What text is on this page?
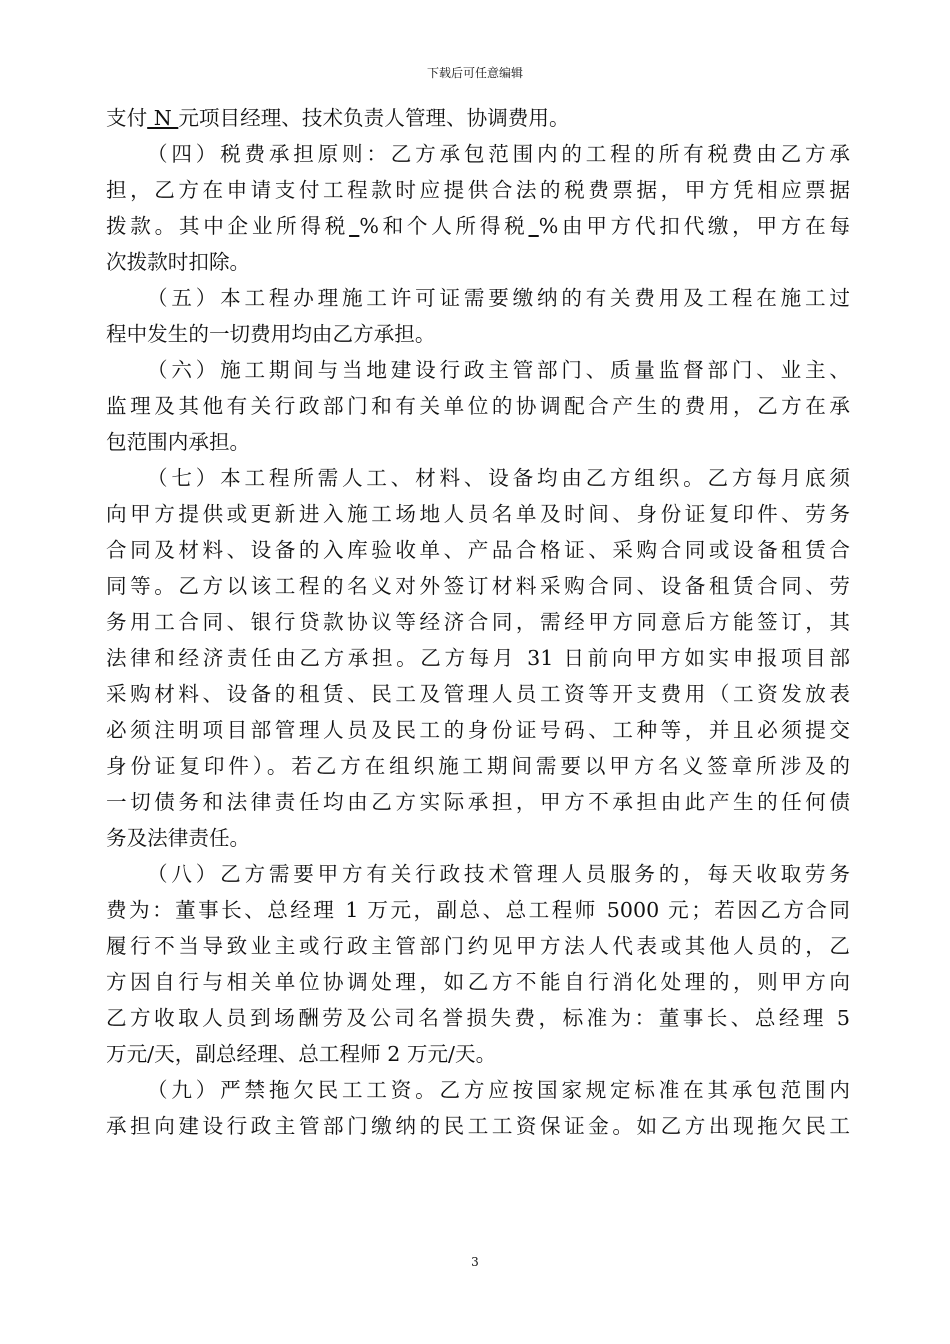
下载后可任意编辑
支付 N 元项目经理、技术负责人管理、协调费用。
（四）税费承担原则：乙方承包范围内的工程的所有税费由乙方承
担，乙方在申请支付工程款时应提供合法的税费票据，甲方凭相应票据
拨款。其中企业所得税 %和个人所得税 %由甲方代扣代缴，甲方在每
次拨款时扣除。
（五）本工程办理施工许可证需要缴纳的有关费用及工程在施工过
程中发生的一切费用均由乙方承担。
（六）施工期间与当地建设行政主管部门、质量监督部门、业主、
监理及其他有关行政部门和有关单位的协调配合产生的费用，乙方在承
包范围内承担。
（七）本工程所需人工、材料、设备均由乙方组织。乙方每月底须
向甲方提供或更新进入施工场地人员名单及时间、身份证复印件、劳务
合同及材料、设备的入库验收单、产品合格证、采购合同或设备租赁合
同等。乙方以该工程的名义对外签订材料采购合同、设备租赁合同、劳
务用工合同、银行贷款协议等经济合同，需经甲方同意后方能签订，其
法律和经济责任由乙方承担。乙方每月 31 日前向甲方如实申报项目部
采购材料、设备的租赁、民工及管理人员工资等开支费用（工资发放表
必须注明项目部管理人员及民工的身份证号码、工种等，并且必须提交
身份证复印件）。若乙方在组织施工期间需要以甲方名义签章所涉及的
一切债务和法律责任均由乙方实际承担，甲方不承担由此产生的任何债
务及法律责任。
（八）乙方需要甲方有关行政技术管理人员服务的，每天收取劳务
费为：董事长、总经理 1 万元，副总、总工程师 5000 元；若因乙方合同
履行不当导致业主或行政主管部门约见甲方法人代表或其他人员的，乙
方因自行与相关单位协调处理，如乙方不能自行消化处理的，则甲方向
乙方收取人员到场酬劳及公司名誉损失费，标准为：董事长、总经理 5
万元/天，副总经理、总工程师 2 万元/天。
（九）严禁拖欠民工工资。乙方应按国家规定标准在其承包范围内
承担向建设行政主管部门缴纳的民工工资保证金。如乙方出现拖欠民工
3
